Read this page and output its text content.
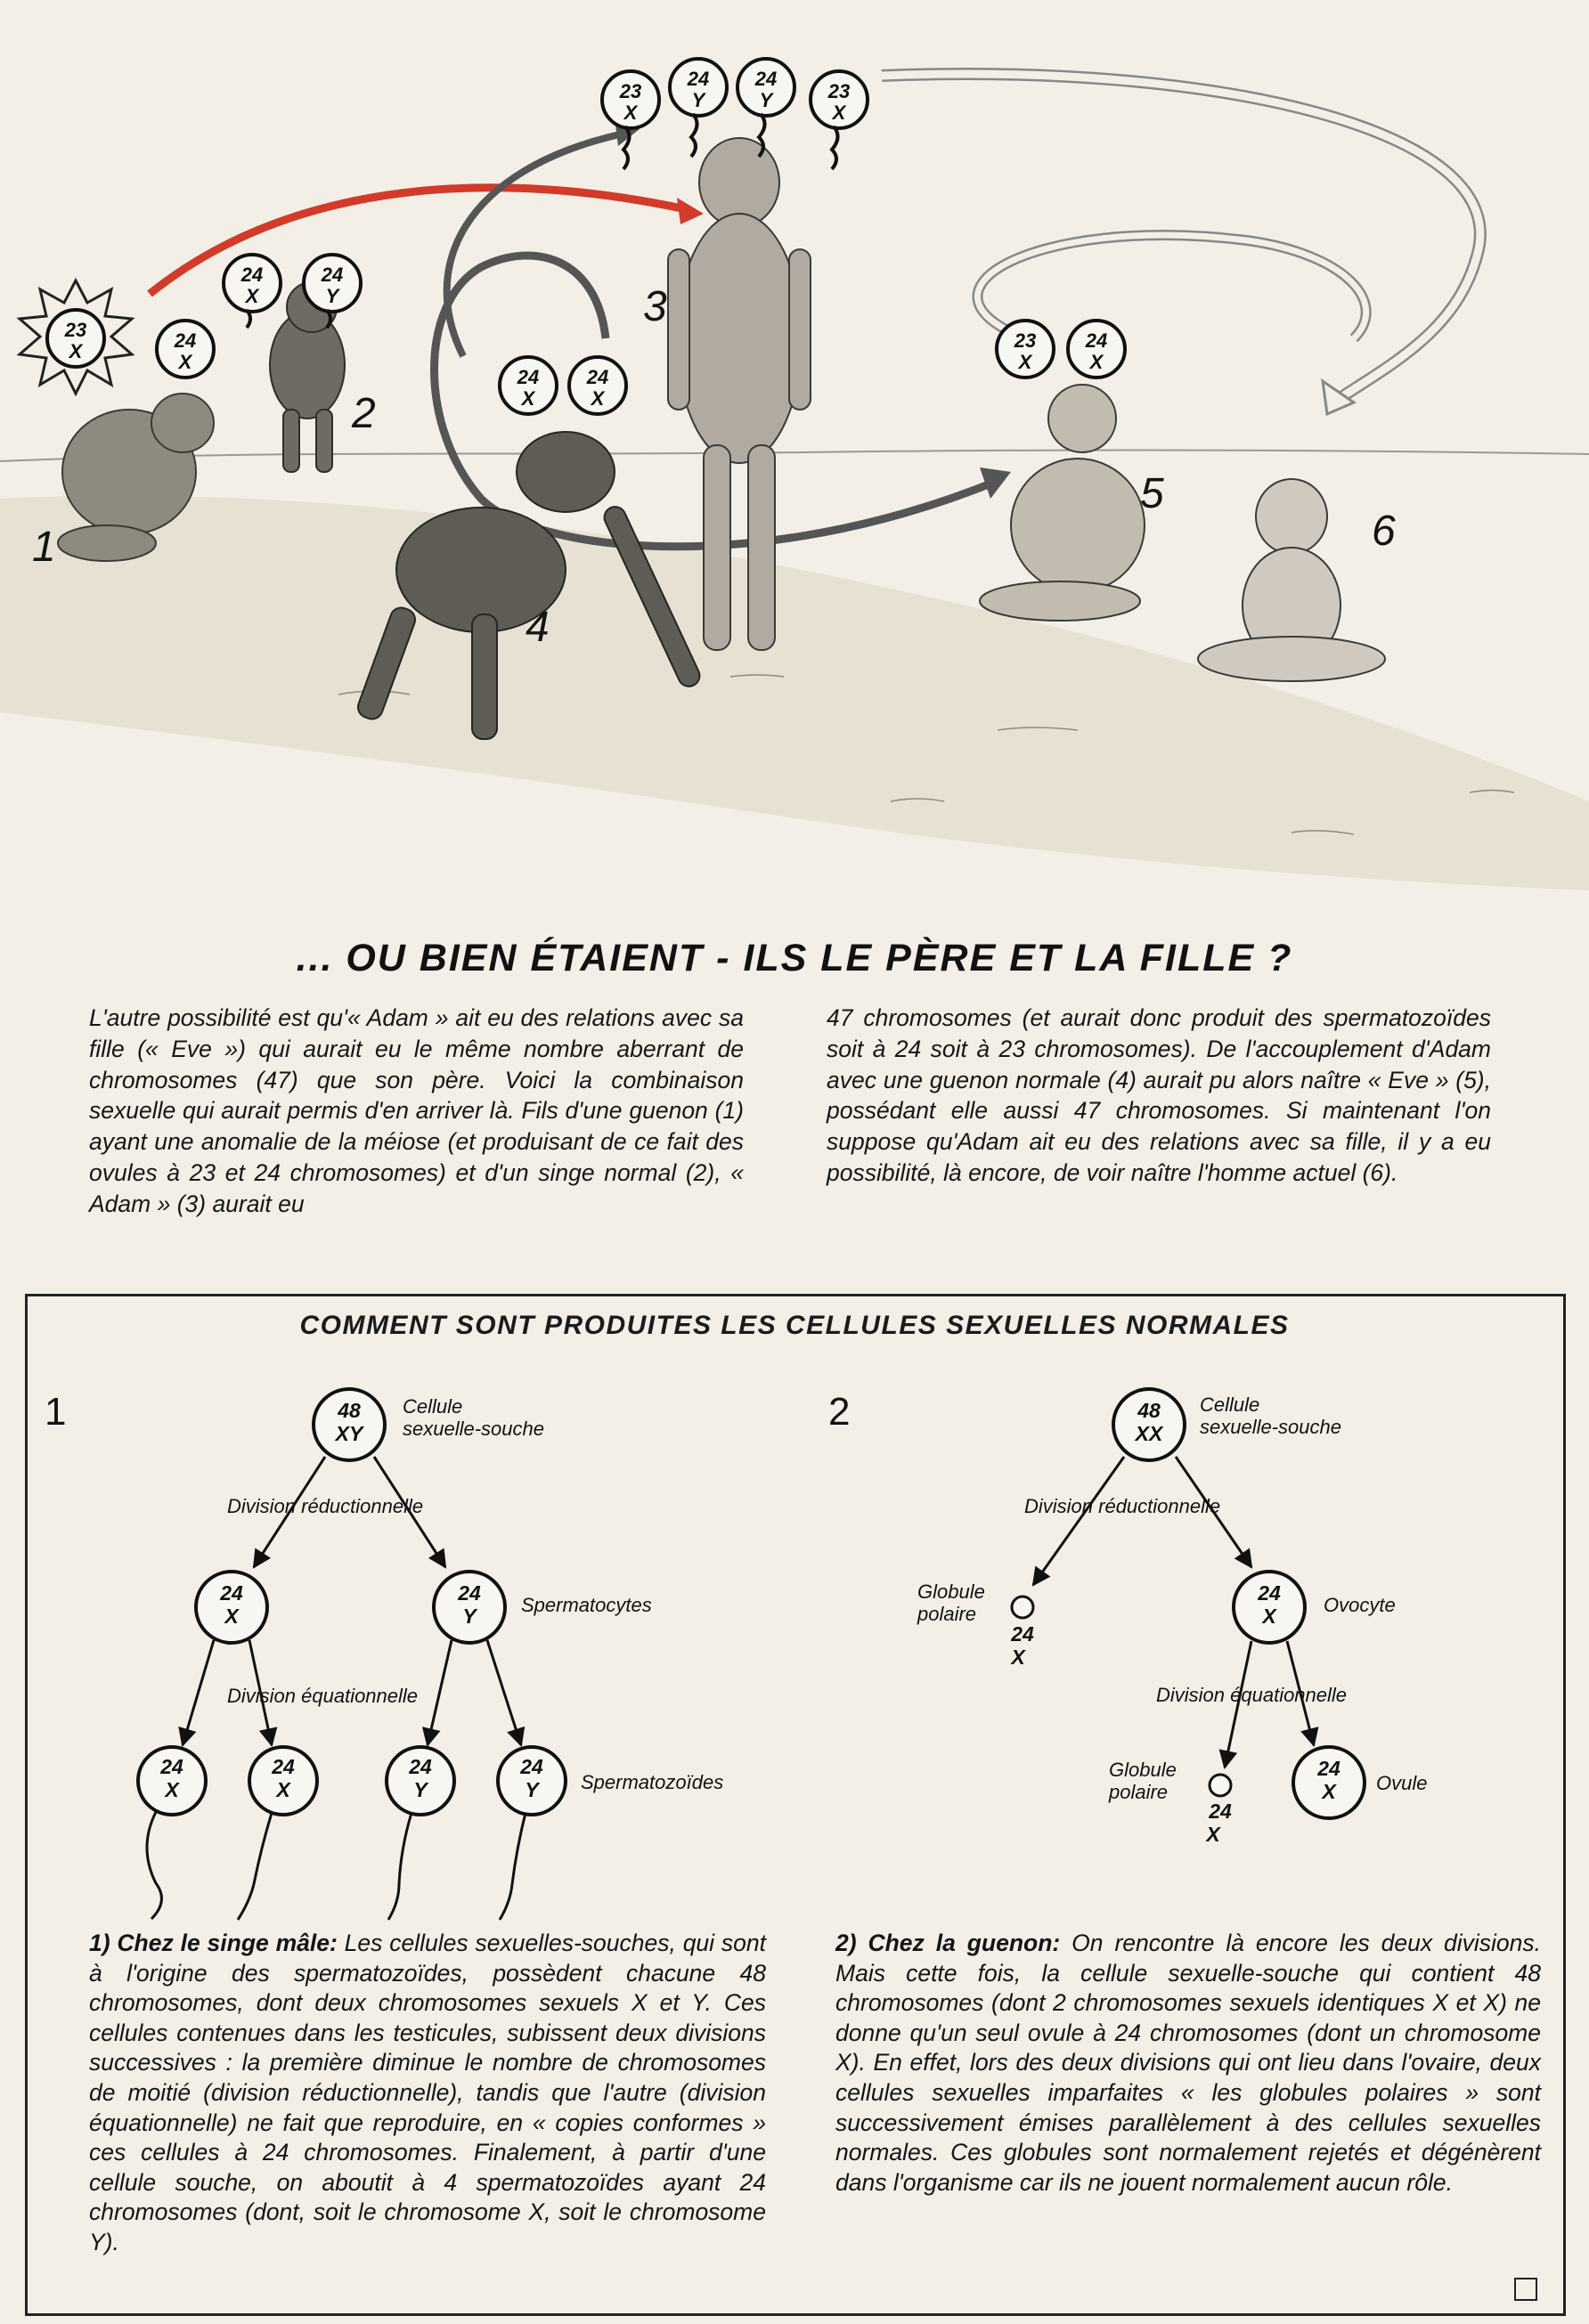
1
2
3
4
5
6
23
X	24
X
24
X
24
Y
24
X
24
X
23
X
24
Y
24
Y	23
X
23
X
24
X
... OU BIEN ÉTAIENT - ILS LE PÈRE ET LA FILLE ?
L'autre possibilité est qu'« Adam » ait eu des relations avec sa fille (« Eve ») qui aurait eu le même nombre aberrant de chromosomes (47) que son père. Voici la combinaison sexuelle qui aurait permis d'en arriver là. Fils d'une guenon (1) ayant une anomalie de la méiose (et produisant de ce fait des ovules à 23 et 24 chromosomes) et d'un singe normal (2), « Adam » (3) aurait eu
47 chromosomes (et aurait donc produit des spermatozoïdes soit à 24 soit à 23 chromosomes). De l'accouplement d'Adam avec une guenon normale (4) aurait pu alors naître « Eve » (5), possédant elle aussi 47 chromosomes. Si maintenant l'on suppose qu'Adam ait eu des relations avec sa fille, il y a eu possibilité, là encore, de voir naître l'homme actuel (6).
COMMENT SONT PRODUITES LES CELLULES SEXUELLES NORMALES
1	48
XY
Cellule
sexuelle-souche
Division réductionnelle
24
X
24
Y Spermatocytes
Division équationnelle
24
X
24
X
24
Y
24
Y Spermatozoïdes
2	48
XX
Cellule
sexuelle-souche
Division réductionnelle
Globule
polaire
24
X
24
X Ovocyte
Division équationnelle
Globule
polaire
24
X
24
X Ovule
1) Chez le singe mâle: Les cellules sexuelles-souches, qui sont à l'origine des spermatozoïdes, possèdent chacune 48 chromosomes, dont deux chromosomes sexuels X et Y. Ces cellules contenues dans les testicules, subissent deux divisions successives : la première diminue le nombre de chromosomes de moitié (division réductionnelle), tandis que l'autre (division équationnelle) ne fait que reproduire, en « copies conformes » ces cellules à 24 chromosomes. Finalement, à partir d'une cellule souche, on aboutit à 4 spermatozoïdes ayant 24 chromosomes (dont, soit le chromosome X, soit le chromosome Y).
2) Chez la guenon: On rencontre là encore les deux divisions. Mais cette fois, la cellule sexuelle-souche qui contient 48 chromosomes (dont 2 chromosomes sexuels identiques X et X) ne donne qu'un seul ovule à 24 chromosomes (dont un chromosome X). En effet, lors des deux divisions qui ont lieu dans l'ovaire, deux cellules sexuelles imparfaites « les globules polaires » sont successivement émises parallèlement à des cellules sexuelles normales. Ces globules sont normalement rejetés et dégénèrent dans l'organisme car ils ne jouent normalement aucun rôle.
